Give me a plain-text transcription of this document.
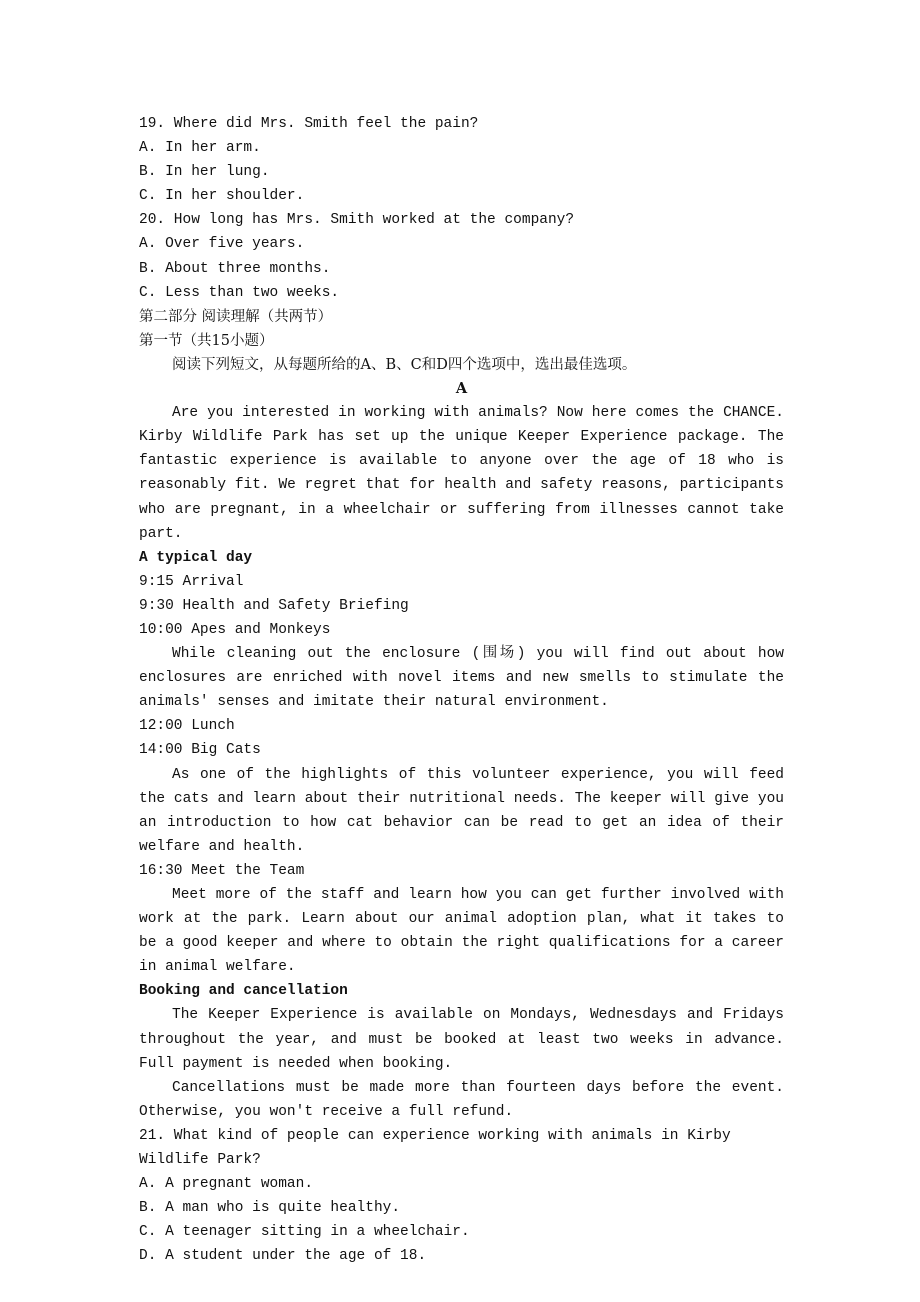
19. Where did Mrs. Smith feel the pain?
A. In her arm.
B. In her lung.
C. In her shoulder.
20. How long has Mrs. Smith worked at the company?
A. Over five years.
B. About three months.
C. Less than two weeks.
第二部分 阅读理解（共两节）
第一节（共15小题）
阅读下列短文，从每题所给的A、B、C和D四个选项中，选出最佳选项。
A
Are you interested in working with animals? Now here comes the CHANCE. Kirby Wildlife Park has set up the unique Keeper Experience package. The fantastic experience is available to anyone over the age of 18 who is reasonably fit. We regret that for health and safety reasons, participants who are pregnant, in a wheelchair or suffering from illnesses cannot take part.
A typical day
9:15 Arrival
9:30 Health and Safety Briefing
10:00 Apes and Monkeys
While cleaning out the enclosure (围场) you will find out about how enclosures are enriched with novel items and new smells to stimulate the animals′ senses and imitate their natural environment.
12:00 Lunch
14:00 Big Cats
As one of the highlights of this volunteer experience, you will feed the cats and learn about their nutritional needs. The keeper will give you an introduction to how cat behavior can be read to get an idea of their welfare and health.
16:30 Meet the Team
Meet more of the staff and learn how you can get further involved with work at the park. Learn about our animal adoption plan, what it takes to be a good keeper and where to obtain the right qualifications for a career in animal welfare.
Booking and cancellation
The Keeper Experience is available on Mondays, Wednesdays and Fridays throughout the year, and must be booked at least two weeks in advance. Full payment is needed when booking.
Cancellations must be made more than fourteen days before the event. Otherwise, you won′t receive a full refund.
21. What kind of people can experience working with animals in Kirby Wildlife Park?
A. A pregnant woman.
B. A man who is quite healthy.
C. A teenager sitting in a wheelchair.
D. A student under the age of 18.
